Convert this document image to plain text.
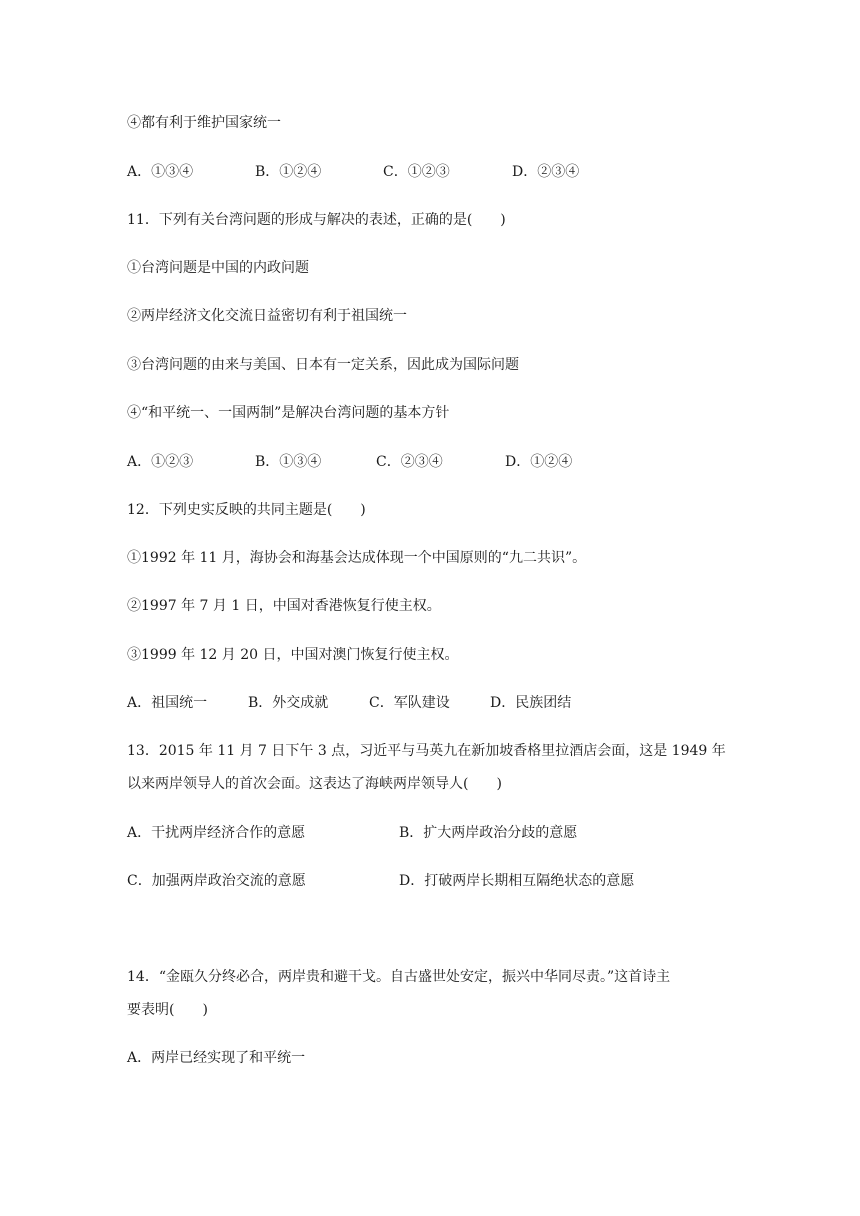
④都有利于维护国家统一
A．①③④	B．①②④	C．①②③	D．②③④
11．下列有关台湾问题的形成与解决的表述，正确的是(　　)
①台湾问题是中国的内政问题
②两岸经济文化交流日益密切有利于祖国统一
③台湾问题的由来与美国、日本有一定关系，因此成为国际问题
④“和平统一、一国两制”是解决台湾问题的基本方针
A．①②③	B．①③④	C．②③④	D．①②④
12．下列史实反映的共同主题是(　　)
①1992 年 11 月，海协会和海基会达成体现一个中国原则的“九二共识”。
②1997 年 7 月 1 日，中国对香港恢复行使主权。
③1999 年 12 月 20 日，中国对澳门恢复行使主权。
A．祖国统一	B．外交成就	C．军队建设	D．民族团结
13．2015 年 11 月 7 日下午 3 点，习近平与马英九在新加坡香格里拉酒店会面，这是 1949 年
以来两岸领导人的首次会面。这表达了海峡两岸领导人(　　)
A．干扰两岸经济合作的意愿	B．扩大两岸政治分歧的意愿
C．加强两岸政治交流的意愿	D．打破两岸长期相互隔绝状态的意愿
14．“金瓯久分终必合，两岸贵和避干戈。自古盛世处安定，振兴中华同尽责。”这首诗主
要表明(　　)
A．两岸已经实现了和平统一
